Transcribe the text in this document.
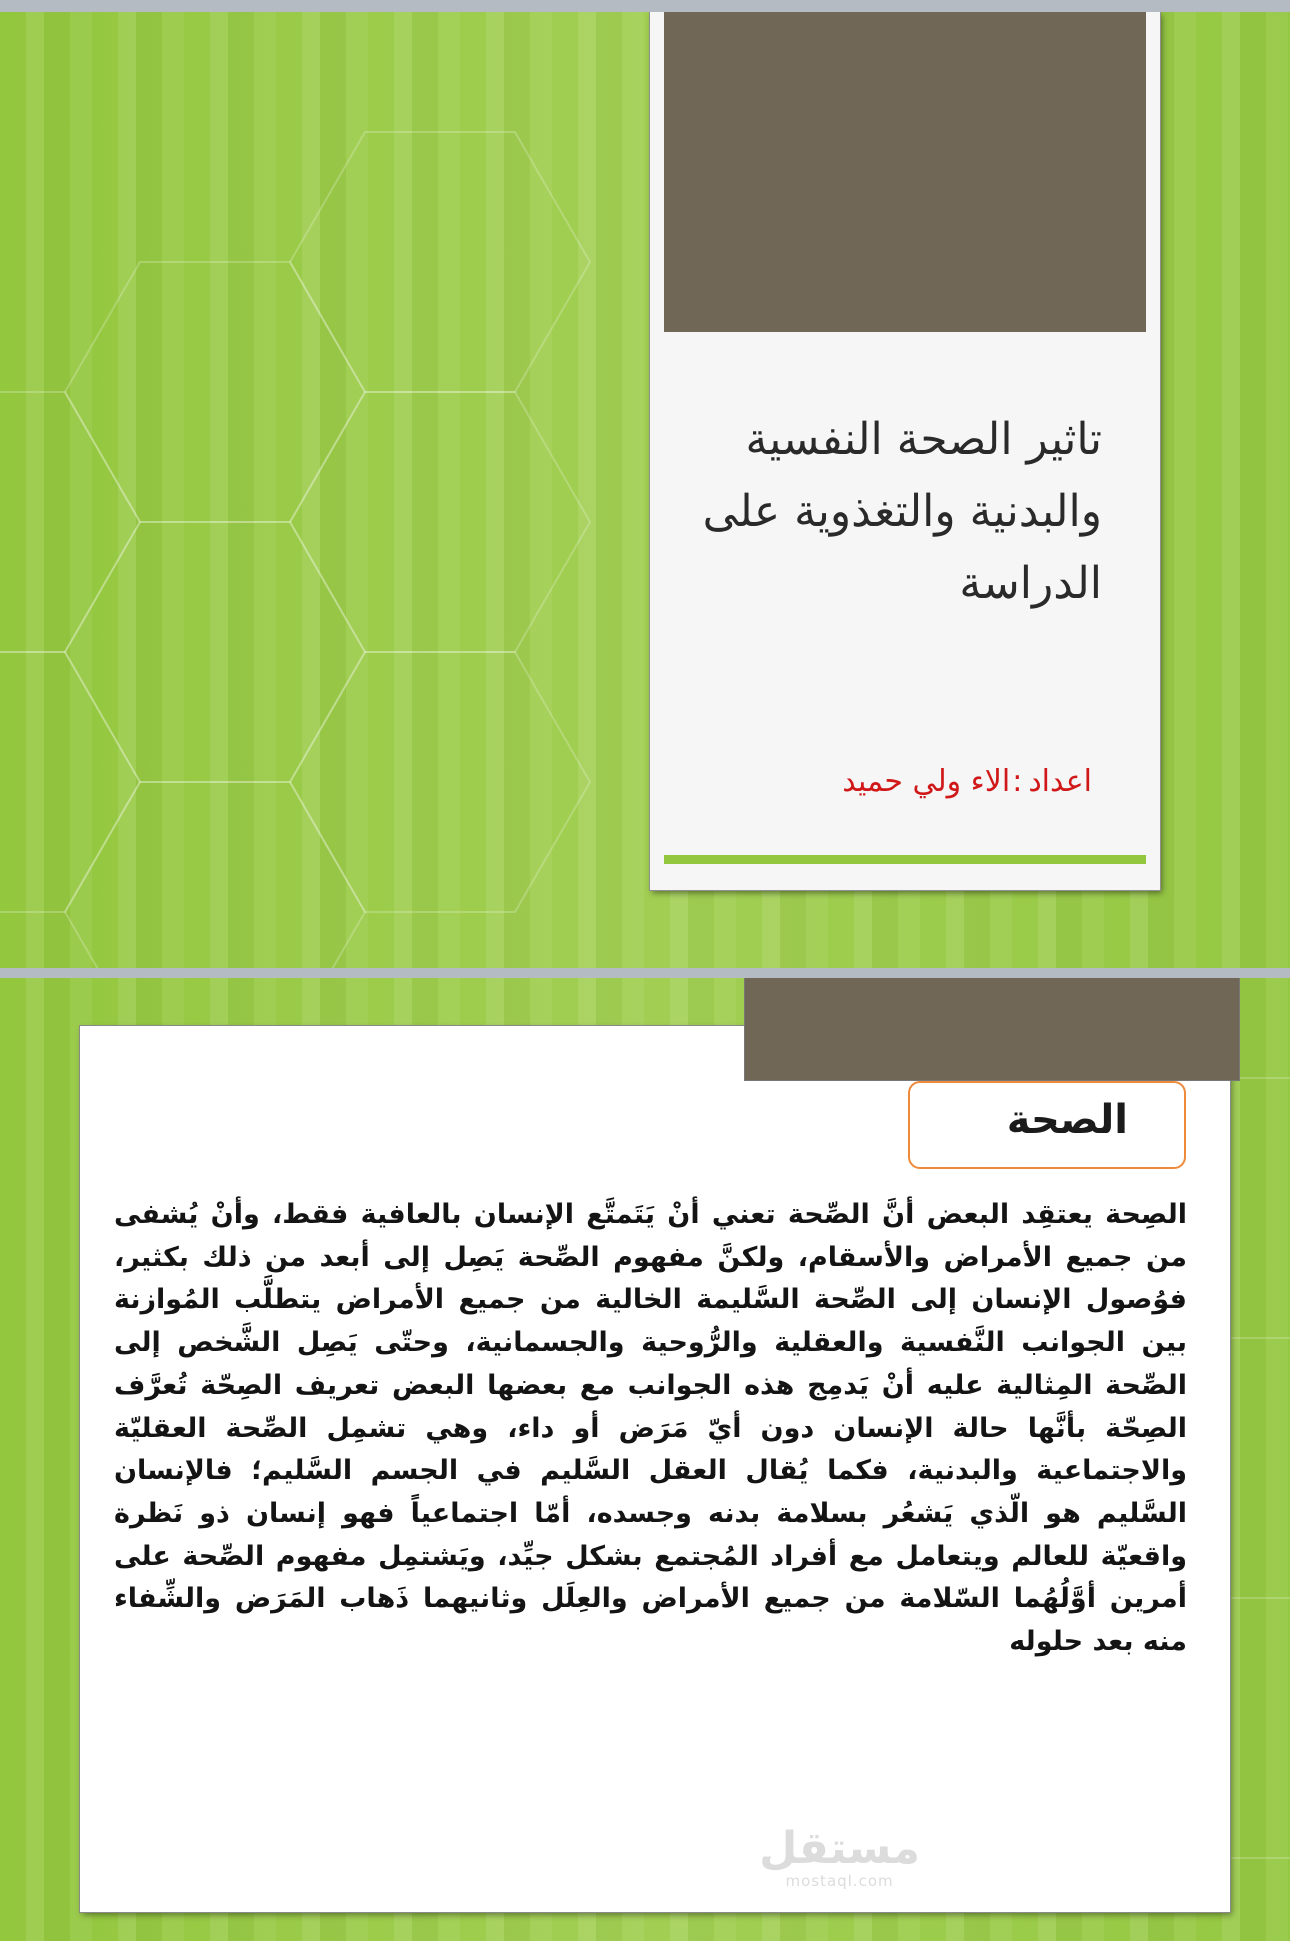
تاثير الصحة النفسية والبدنية والتغذوية على الدراسة
اعداد:الاء ولي حميد
الصحة
الصِحة يعتقِد البعض أنَّ الصِّحة تعني أنْ يَتَمتَّع الإنسان بالعافية فقط، وأنْ يُشفى من جميع الأمراض والأسقام، ولكنَّ مفهوم الصِّحة يَصِل إلى أبعد من ذلك بكثير، فوُصول الإنسان إلى الصِّحة السَّليمة الخالية من جميع الأمراض يتطلَّب المُوازنة بين الجوانب النَّفسية والعقلية والرُّوحية والجسمانية، وحتّى يَصِل الشَّخص إلى الصِّحة المِثالية عليه أنْ يَدمِج هذه الجوانب مع بعضها البعض تعريف الصِحّة تُعرَّف الصِحّة بأنَّها حالة الإنسان دون أيّ مَرَض أو داء، وهي تشمِل الصِّحة العقليّة والاجتماعية والبدنية، فكما يُقال العقل السَّليم في الجسم السَّليم؛ فالإنسان السَّليم هو الّذي يَشعُر بسلامة بدنه وجسده، أمّا اجتماعياً فهو إنسان ذو نَظرة واقعيّة للعالم ويتعامل مع أفراد المُجتمع بشكل جيِّد، ويَشتمِل مفهوم الصِّحة على أمرين أوَّلُهُما السّلامة من جميع الأمراض والعِلَل وثانيهما ذَهاب المَرَض والشِّفاء منه بعد حلوله
مستقل
mostaql.com
